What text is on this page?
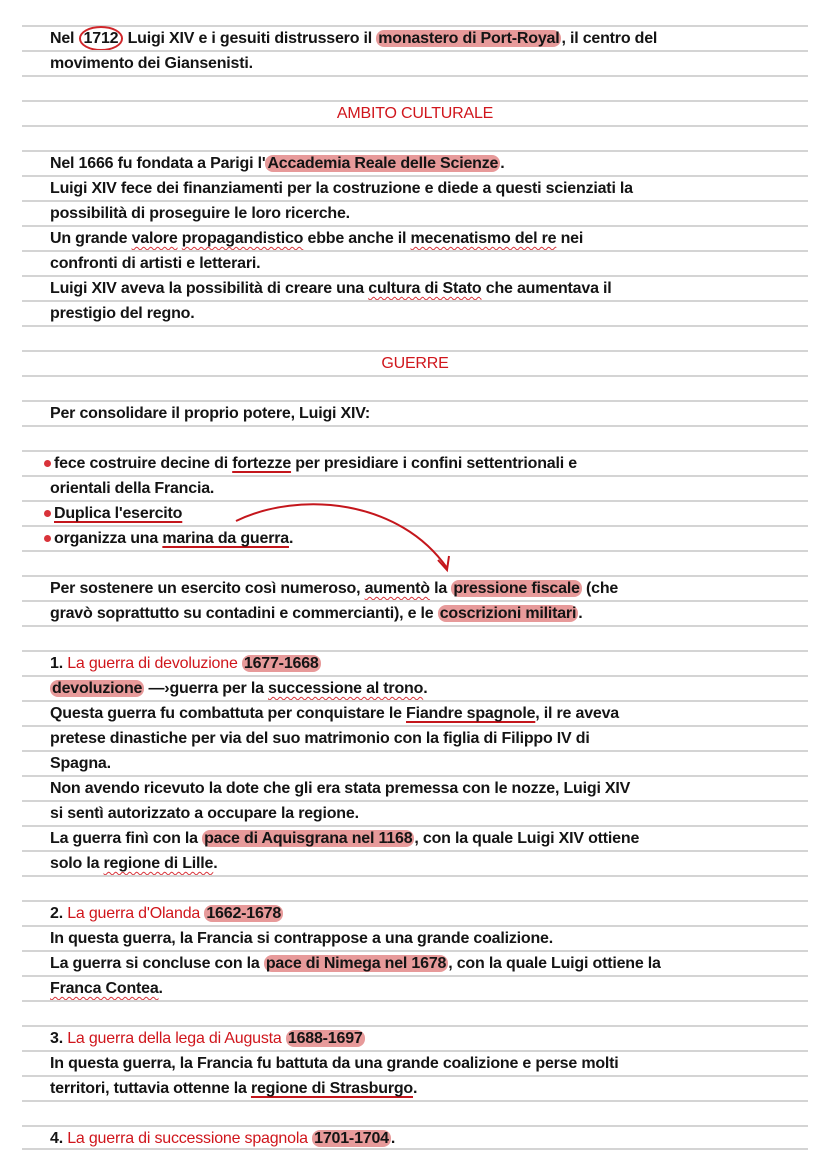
Nel 1712 Luigi XIV e i gesuiti distrussero il monastero di Port-Royal , il centro del
movimento dei Giansenisti.
AMBITO CULTURALE
Nel 1666 fu fondata a Parigi l' Accademia Reale delle Scienze .
Luigi XIV fece dei finanziamenti per la costruzione e diede a questi scienziati la
possibilità di proseguire le loro ricerche.
Un grande valore propagandistico ebbe anche il mecenatismo del re nei
confronti di artisti e letterari.
Luigi XIV aveva la possibilità di creare una cultura di Stato che aumentava il
prestigio del regno.
GUERRE
Per consolidare il proprio potere, Luigi XIV:
fece costruire decine di fortezze per presidiare i confini settentrionali e
orientali della Francia.
Duplica l'esercito
organizza una marina da guerra.
Per sostenere un esercito così numeroso, aumentò la pressione fiscale (che
gravò soprattutto su contadini e commercianti), e le coscrizioni militari .
1. La guerra di devoluzione 1677-1668
devoluzione —›guerra per la successione al trono.
Questa guerra fu combattuta per conquistare le Fiandre spagnole, il re aveva
pretese dinastiche per via del suo matrimonio con la figlia di Filippo IV di
Spagna.
Non avendo ricevuto la dote che gli era stata premessa con le nozze, Luigi XIV
si sentì autorizzato a occupare la regione.
La guerra finì con la pace di Aquisgrana nel 1168 , con la quale Luigi XIV ottiene
solo la regione di Lille.
2. La guerra d'Olanda 1662-1678
In questa guerra, la Francia si contrappose a una grande coalizione.
La guerra si concluse con la pace di Nimega nel 1678 , con la quale Luigi ottiene la
Franca Contea.
3. La guerra della lega di Augusta 1688-1697
In questa guerra, la Francia fu battuta da una grande coalizione e perse molti
territori, tuttavia ottenne la regione di Strasburgo.
4. La guerra di successione spagnola 1701-1704 .
